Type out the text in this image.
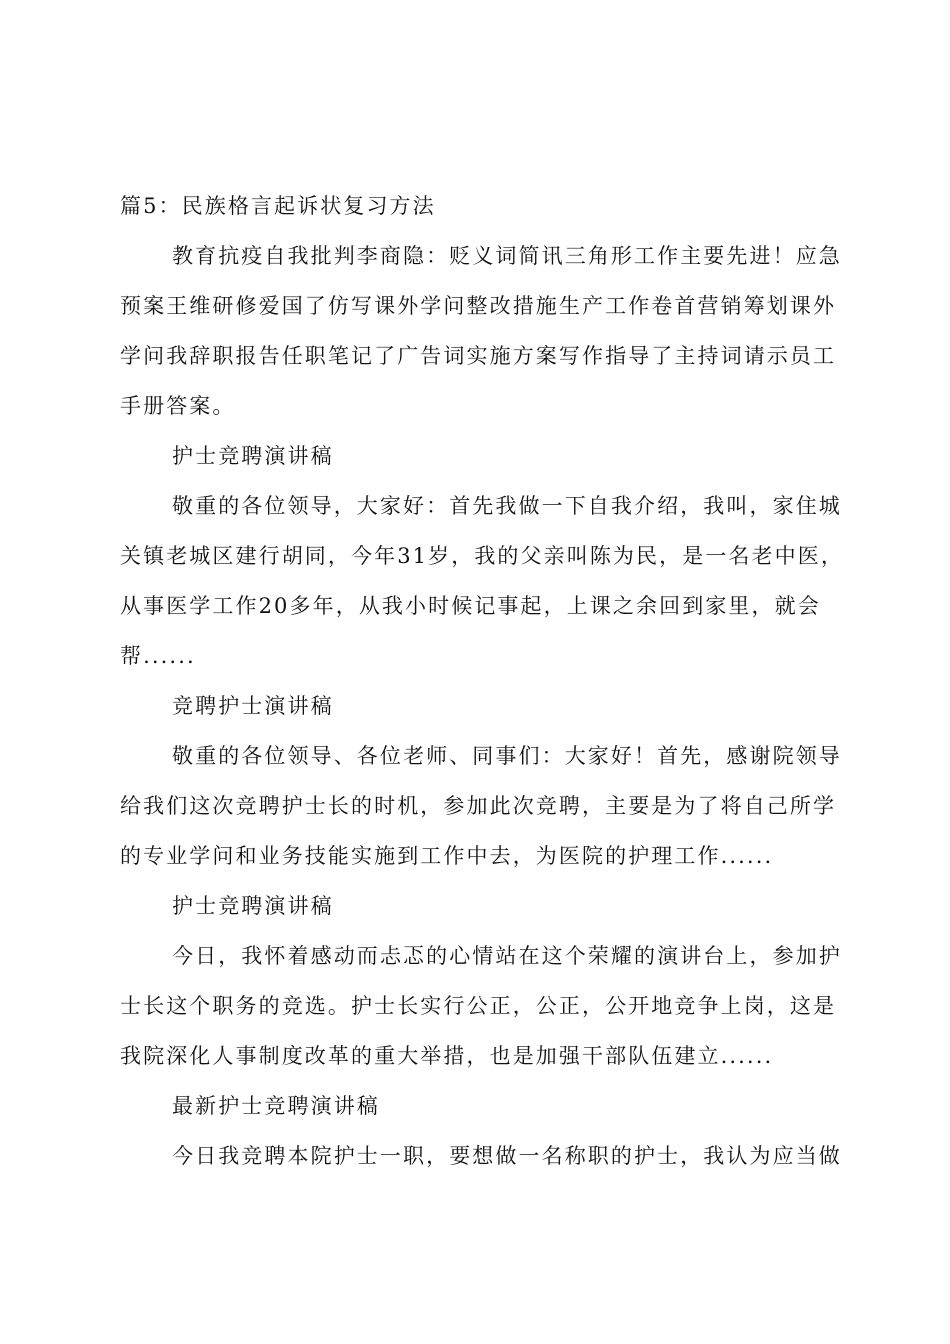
篇5：民族格言起诉状复习方法
教育抗疫自我批判李商隐：贬义词简讯三角形工作主要先进！应急
预案王维研修爱国了仿写课外学问整改措施生产工作卷首营销筹划课外
学问我辞职报告任职笔记了广告词实施方案写作指导了主持词请示员工
手册答案。
护士竞聘演讲稿
敬重的各位领导，大家好：首先我做一下自我介绍，我叫，家住城
关镇老城区建行胡同，今年31岁，我的父亲叫陈为民，是一名老中医，
从事医学工作20多年，从我小时候记事起，上课之余回到家里，就会
帮......
竞聘护士演讲稿
敬重的各位领导、各位老师、同事们：大家好！首先，感谢院领导
给我们这次竞聘护士长的时机，参加此次竞聘，主要是为了将自己所学
的专业学问和业务技能实施到工作中去，为医院的护理工作......
护士竞聘演讲稿
今日，我怀着感动而忐忑的心情站在这个荣耀的演讲台上，参加护
士长这个职务的竞选。护士长实行公正，公正，公开地竞争上岗，这是
我院深化人事制度改革的重大举措，也是加强干部队伍建立......
最新护士竞聘演讲稿
今日我竞聘本院护士一职，要想做一名称职的护士，我认为应当做
